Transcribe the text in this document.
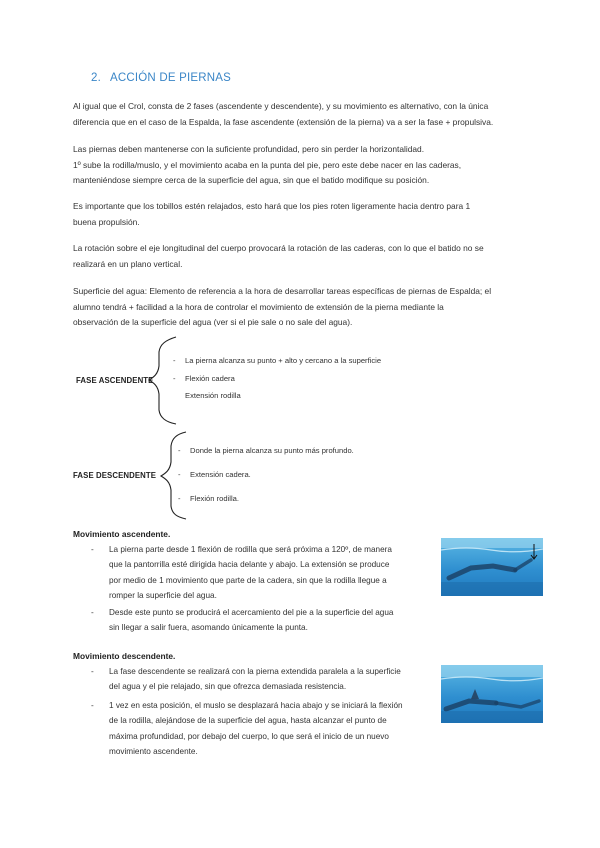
2. ACCIÓN DE PIERNAS
Al igual que el Crol, consta de 2 fases (ascendente y descendente), y su movimiento es alternativo, con la única
diferencia que en el caso de la Espalda, la fase ascendente (extensión de la pierna) va a ser la fase + propulsiva.
Las piernas deben mantenerse con la suficiente profundidad, pero sin perder la horizontalidad.
1º sube la rodilla/muslo, y el movimiento acaba en la punta del pie, pero este debe nacer en las caderas,
manteniéndose siempre cerca de la superficie del agua, sin que el batido modifique su posición.
Es importante que los tobillos estén relajados, esto hará que los pies roten ligeramente hacia dentro para 1
buena propulsión.
La rotación sobre el eje longitudinal del cuerpo provocará la rotación de las caderas, con lo que el batido no se
realizará en un plano vertical.
Superficie del agua: Elemento de referencia a la hora de desarrollar tareas específicas de piernas de Espalda; el
alumno tendrá + facilidad a la hora de controlar el movimiento de extensión de la pierna mediante la
observación de la superficie del agua (ver si el pie sale o no sale del agua).
FASE ASCENDENTE
- La pierna alcanza su punto + alto y cercano a la superficie
- Flexión cadera
Extensión rodilla
FASE DESCENDENTE
- Donde la pierna alcanza su punto más profundo.
- Extensión cadera.
- Flexión rodilla.
Movimiento ascendente.
- La pierna parte desde 1 flexión de rodilla que será próxima a 120º, de manera
que la pantorrilla esté dirigida hacia delante y abajo. La extensión se produce
por medio de 1 movimiento que parte de la cadera, sin que la rodilla llegue a
romper la superficie del agua.
- Desde este punto se producirá el acercamiento del pie a la superficie del agua
sin llegar a salir fuera, asomando únicamente la punta.
Movimiento descendente.
- La fase descendente se realizará con la pierna extendida paralela a la superficie
del agua y el pie relajado, sin que ofrezca demasiada resistencia.
- 1 vez en esta posición, el muslo se desplazará hacia abajo y se iniciará la flexión
de la rodilla, alejándose de la superficie del agua, hasta alcanzar el punto de
máxima profundidad, por debajo del cuerpo, lo que será el inicio de un nuevo
movimiento ascendente.
